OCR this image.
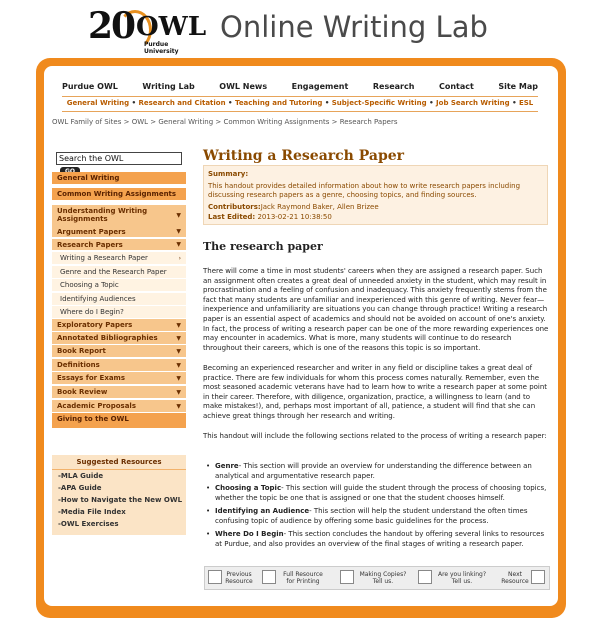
20 OWL
Purdue University
Online Writing Lab
Purdue OWL	Writing Lab	OWL News	Engagement	Research	Contact	Site Map
General Writing • Research and Citation • Teaching and Tutoring • Subject-Specific Writing • Job Search Writing • ESL
OWL Family of Sites > OWL > General Writing > Common Writing Assignments > Research Papers
Search the OWL
General Writing
Common Writing Assignments
Understanding Writing Assignments	▼
Argument Papers	▼
Research Papers	▼
Writing a Research Paper	›
Genre and the Research Paper
Choosing a Topic
Identifying Audiences
Where do I Begin?
Exploratory Papers	▼
Annotated Bibliographies	▼
Book Report	▼
Definitions	▼
Essays for Exams	▼
Book Review	▼
Academic Proposals	▼
Giving to the OWL
Suggested Resources
-MLA Guide
-APA Guide
-How to Navigate the New OWL
-Media File Index
-OWL Exercises
Writing a Research Paper
Summary:
This handout provides detailed information about how to write research papers including discussing research papers as a genre, choosing topics, and finding sources.
Contributors:Jack Raymond Baker, Allen Brizee
Last Edited: 2013-02-21 10:38:50
The research paper
There will come a time in most students' careers when they are assigned a research paper. Such an assignment often creates a great deal of unneeded anxiety in the student, which may result in procrastination and a feeling of confusion and inadequacy. This anxiety frequently stems from the fact that many students are unfamiliar and inexperienced with this genre of writing. Never fear—inexperience and unfamiliarity are situations you can change through practice! Writing a research paper is an essential aspect of academics and should not be avoided on account of one's anxiety. In fact, the process of writing a research paper can be one of the more rewarding experiences one may encounter in academics. What is more, many students will continue to do research throughout their careers, which is one of the reasons this topic is so important.
Becoming an experienced researcher and writer in any field or discipline takes a great deal of practice. There are few individuals for whom this process comes naturally. Remember, even the most seasoned academic veterans have had to learn how to write a research paper at some point in their career. Therefore, with diligence, organization, practice, a willingness to learn (and to make mistakes!), and, perhaps most important of all, patience, a student will find that she can achieve great things through her research and writing.
This handout will include the following sections related to the process of writing a research paper:
• Genre- This section will provide an overview for understanding the difference between an analytical and argumentative research paper.
• Choosing a Topic- This section will guide the student through the process of choosing topics, whether the topic be one that is assigned or one that the student chooses himself.
• Identifying an Audience- This section will help the student understand the often times confusing topic of audience by offering some basic guidelines for the process.
• Where Do I Begin- This section concludes the handout by offering several links to resources at Purdue, and also provides an overview of the final stages of writing a research paper.
Previous
Resource
Full Resource
for Printing
Making Copies?
Tell us.
Are you linking?
Tell us.
Next
Resource
